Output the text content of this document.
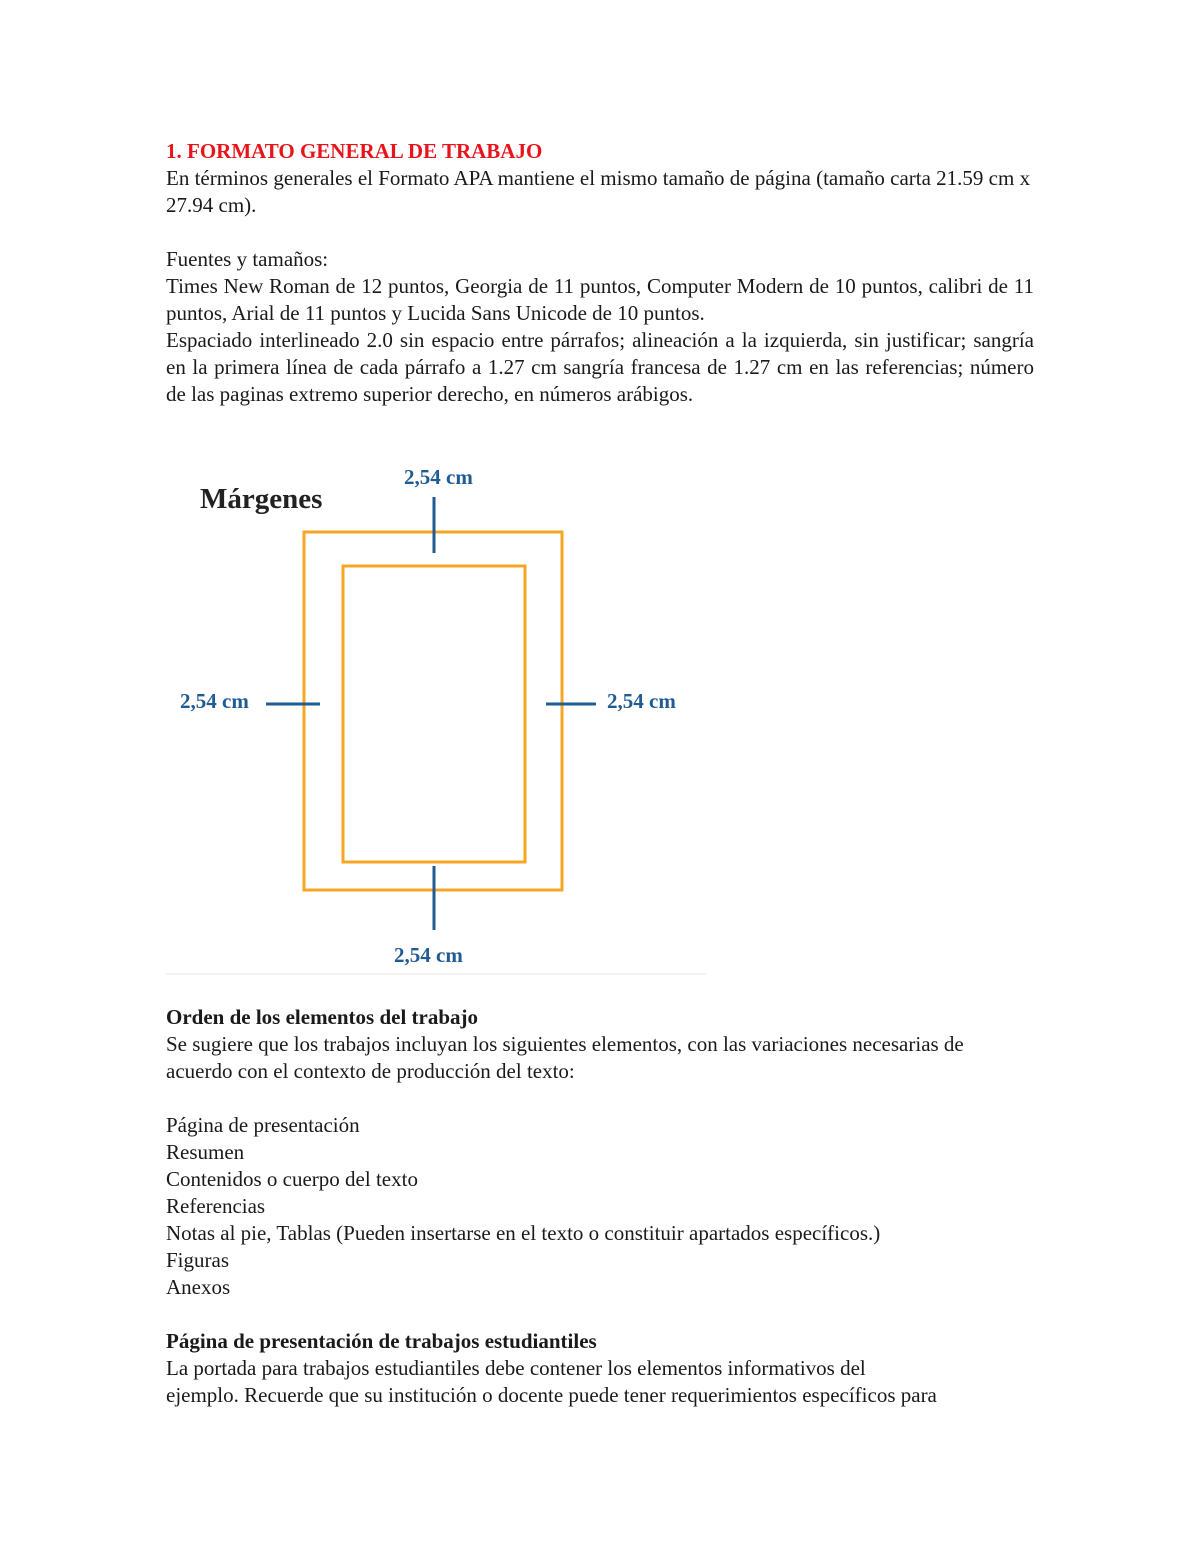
1. FORMATO GENERAL DE TRABAJO

En términos generales el Formato APA mantiene el mismo tamaño de página (tamaño carta 21.59 cm x 27.94 cm).

Fuentes y tamaños:

Times New Roman de 12 puntos, Georgia de 11 puntos, Computer Modern de 10 puntos, calibri de 11 puntos, Arial de 11 puntos y Lucida Sans Unicode de 10 puntos.

Espaciado interlineado 2.0 sin espacio entre párrafos; alineación a la izquierda, sin justificar; sangría en la primera línea de cada párrafo a 1.27 cm sangría francesa de 1.27 cm en las referencias; número de las paginas extremo superior derecho, en números arábigos.

Márgenes
2,54 cm
2,54 cm	2,54 cm
2,54 cm

Orden de los elementos del trabajo

Se sugiere que los trabajos incluyan los siguientes elementos, con las variaciones necesarias de acuerdo con el contexto de producción del texto:

Página de presentación

Resumen

Contenidos o cuerpo del texto

Referencias

Notas al pie, Tablas (Pueden insertarse en el texto o constituir apartados específicos.)

Figuras

Anexos

Página de presentación de trabajos estudiantiles

La portada para trabajos estudiantiles debe contener los elementos informativos del

ejemplo. Recuerde que su institución o docente puede tener requerimientos específicos para
